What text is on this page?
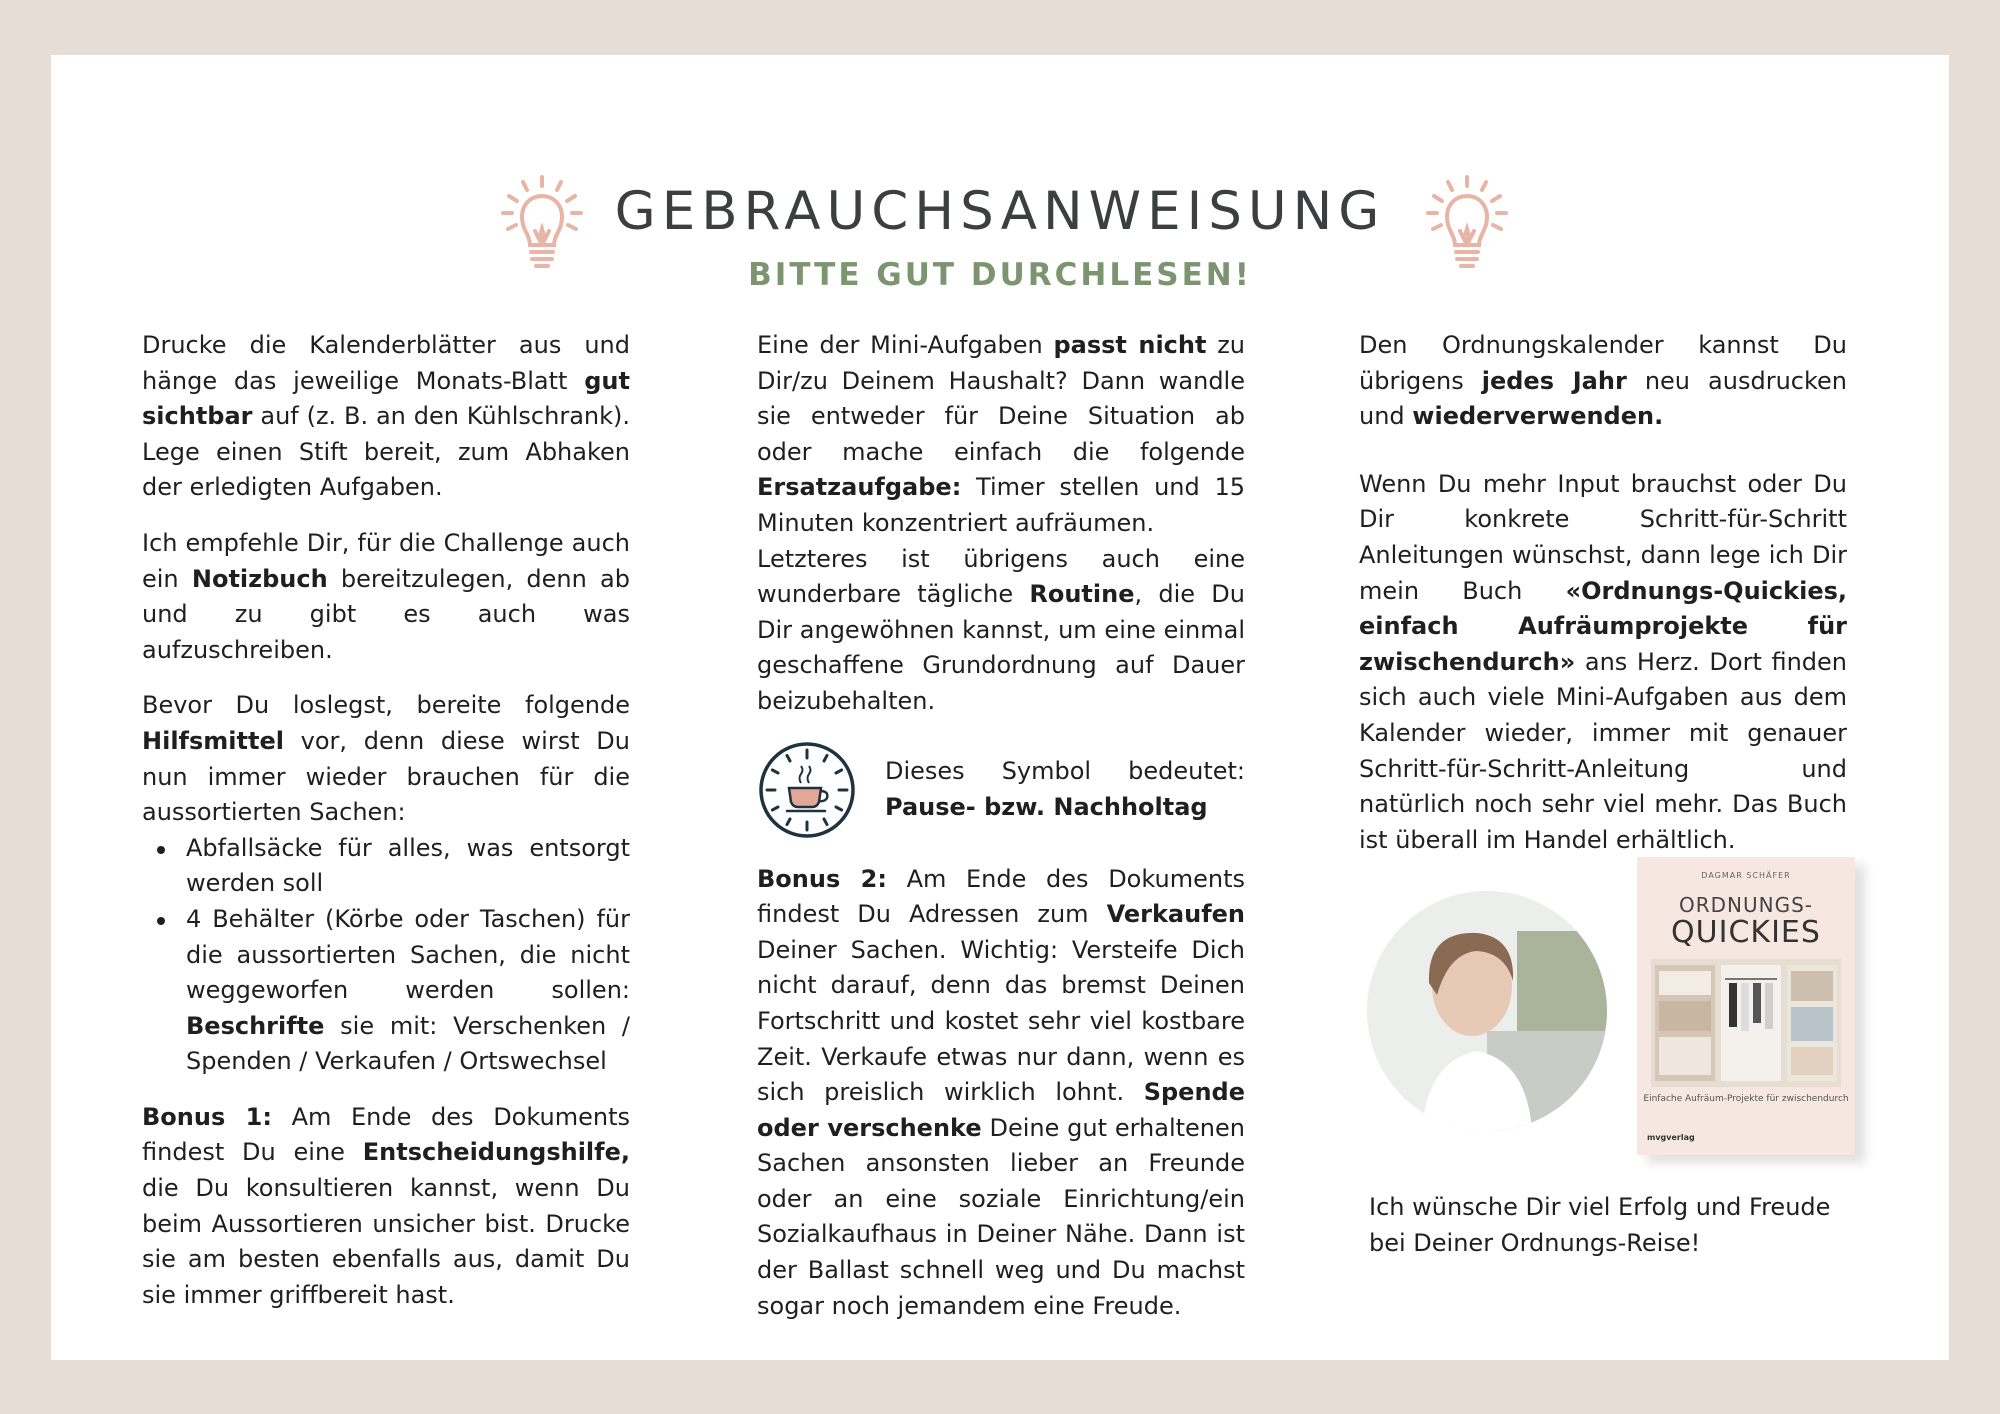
GEBRAUCHSANWEISUNG
BITTE GUT DURCHLESEN!

Drucke die Kalenderblätter aus und hänge das jeweilige Monats-Blatt gut sichtbar auf (z. B. an den Kühlschrank). Lege einen Stift bereit, zum Abhaken der erledigten Aufgaben.

Ich empfehle Dir, für die Challenge auch ein Notizbuch bereitzulegen, denn ab und zu gibt es auch was aufzuschreiben.

Bevor Du loslegst, bereite folgende Hilfsmittel vor, denn diese wirst Du nun immer wieder brauchen für die aussortierten Sachen:

Abfallsäcke für alles, was entsorgt werden soll
4 Behälter (Körbe oder Taschen) für die aussortierten Sachen, die nicht weggeworfen werden sollen: Beschrifte sie mit: Verschenken / Spenden / Verkaufen / Ortswechsel

Bonus 1: Am Ende des Dokuments findest Du eine Entscheidungshilfe, die Du konsultieren kannst, wenn Du beim Aussortieren unsicher bist. Drucke sie am besten ebenfalls aus, damit Du sie immer griffbereit hast.

Eine der Mini-Aufgaben passt nicht zu Dir/zu Deinem Haushalt? Dann wandle sie entweder für Deine Situation ab oder mache einfach die folgende Ersatzaufgabe: Timer stellen und 15 Minuten konzentriert aufräumen.

Letzteres ist übrigens auch eine wunderbare tägliche Routine, die Du Dir angewöhnen kannst, um eine einmal geschaffene Grundordnung auf Dauer beizubehalten.

Dieses Symbol bedeutet: Pause- bzw. Nachholtag

Bonus 2: Am Ende des Dokuments findest Du Adressen zum Verkaufen Deiner Sachen. Wichtig: Versteife Dich nicht darauf, denn das bremst Deinen Fortschritt und kostet sehr viel kostbare Zeit. Verkaufe etwas nur dann, wenn es sich preislich wirklich lohnt. Spende oder verschenke Deine gut erhaltenen Sachen ansonsten lieber an Freunde oder an eine soziale Einrichtung/ein Sozialkaufhaus in Deiner Nähe. Dann ist der Ballast schnell weg und Du machst sogar noch jemandem eine Freude.

Den Ordnungskalender kannst Du übrigens jedes Jahr neu ausdrucken und wiederverwenden.

Wenn Du mehr Input brauchst oder Du Dir konkrete Schritt-für-Schritt Anleitungen wünschst, dann lege ich Dir mein Buch «Ordnungs-Quickies, einfach Aufräumprojekte für zwischendurch» ans Herz. Dort finden sich auch viele Mini-Aufgaben aus dem Kalender wieder, immer mit genauer Schritt-für-Schritt-Anleitung und natürlich noch sehr viel mehr. Das Buch ist überall im Handel erhältlich.

DAGMAR SCHÄFER
ORDNUNGS-
QUICKIES
Einfache Aufräum-Projekte für zwischendurch
mvgverlag
Ich wünsche Dir viel Erfolg und Freude bei Deiner Ordnungs-Reise!
